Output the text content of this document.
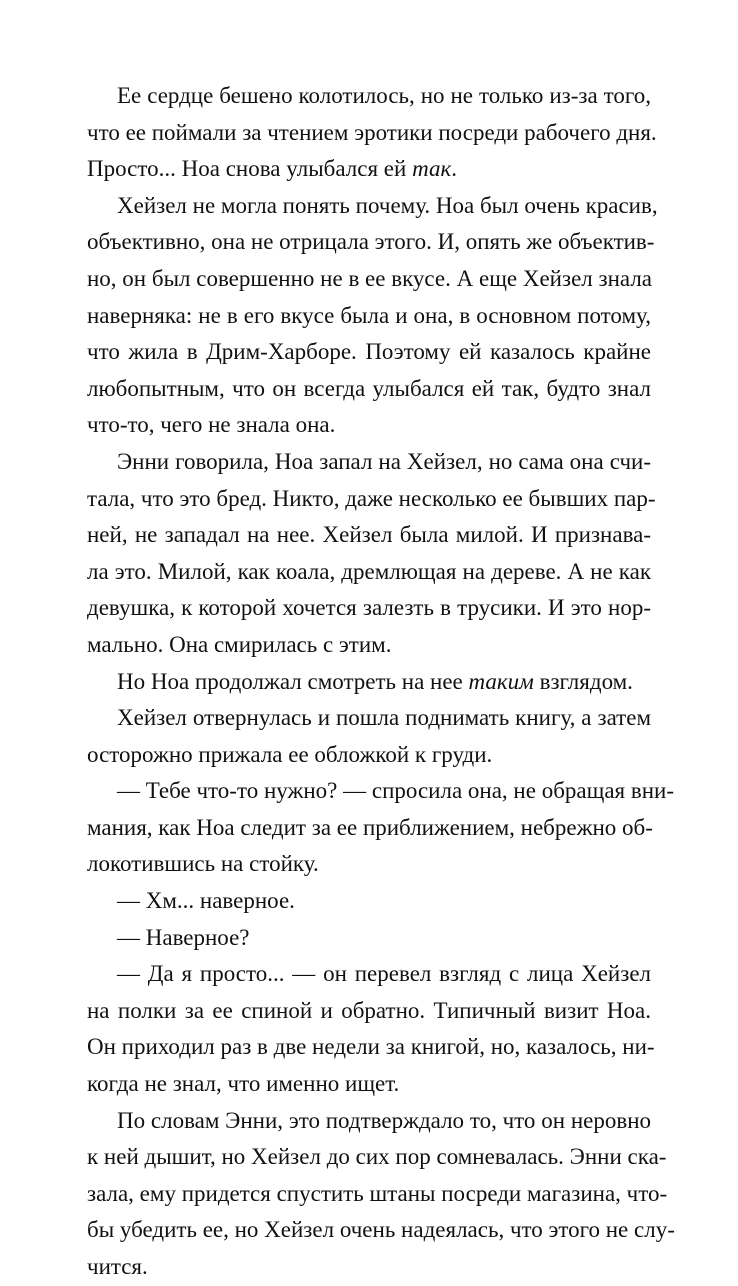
Ее сердце бешено колотилось, но не только из-за того,
что ее поймали за чтением эротики посреди рабочего дня.
Просто... Ноа снова улыбался ей так.
Хейзел не могла понять почему. Ноа был очень красив,
объективно, она не отрицала этого. И, опять же объектив-
но, он был совершенно не в ее вкусе. А еще Хейзел знала
наверняка: не в его вкусе была и она, в основном потому,
что жила в Дрим-Харборе. Поэтому ей казалось крайне
любопытным, что он всегда улыбался ей так, будто знал
что-то, чего не знала она.
Энни говорила, Ноа запал на Хейзел, но сама она счи-
тала, что это бред. Никто, даже несколько ее бывших пар-
ней, не западал на нее. Хейзел была милой. И признава-
ла это. Милой, как коала, дремлющая на дереве. А не как
девушка, к которой хочется залезть в трусики. И это нор-
мально. Она смирилась с этим.
Но Ноа продолжал смотреть на нее таким взглядом.
Хейзел отвернулась и пошла поднимать книгу, а затем
осторожно прижала ее обложкой к груди.
— Тебе что-то нужно? — спросила она, не обращая вни-
мания, как Ноа следит за ее приближением, небрежно об-
локотившись на стойку.
— Хм... наверное.
— Наверное?
— Да я просто... — он перевел взгляд с лица Хейзел
на полки за ее спиной и обратно. Типичный визит Ноа.
Он приходил раз в две недели за книгой, но, казалось, ни-
когда не знал, что именно ищет.
По словам Энни, это подтверждало то, что он неровно
к ней дышит, но Хейзел до сих пор сомневалась. Энни ска-
зала, ему придется спустить штаны посреди магазина, что-
бы убедить ее, но Хейзел очень надеялась, что этого не слу-
чится.
